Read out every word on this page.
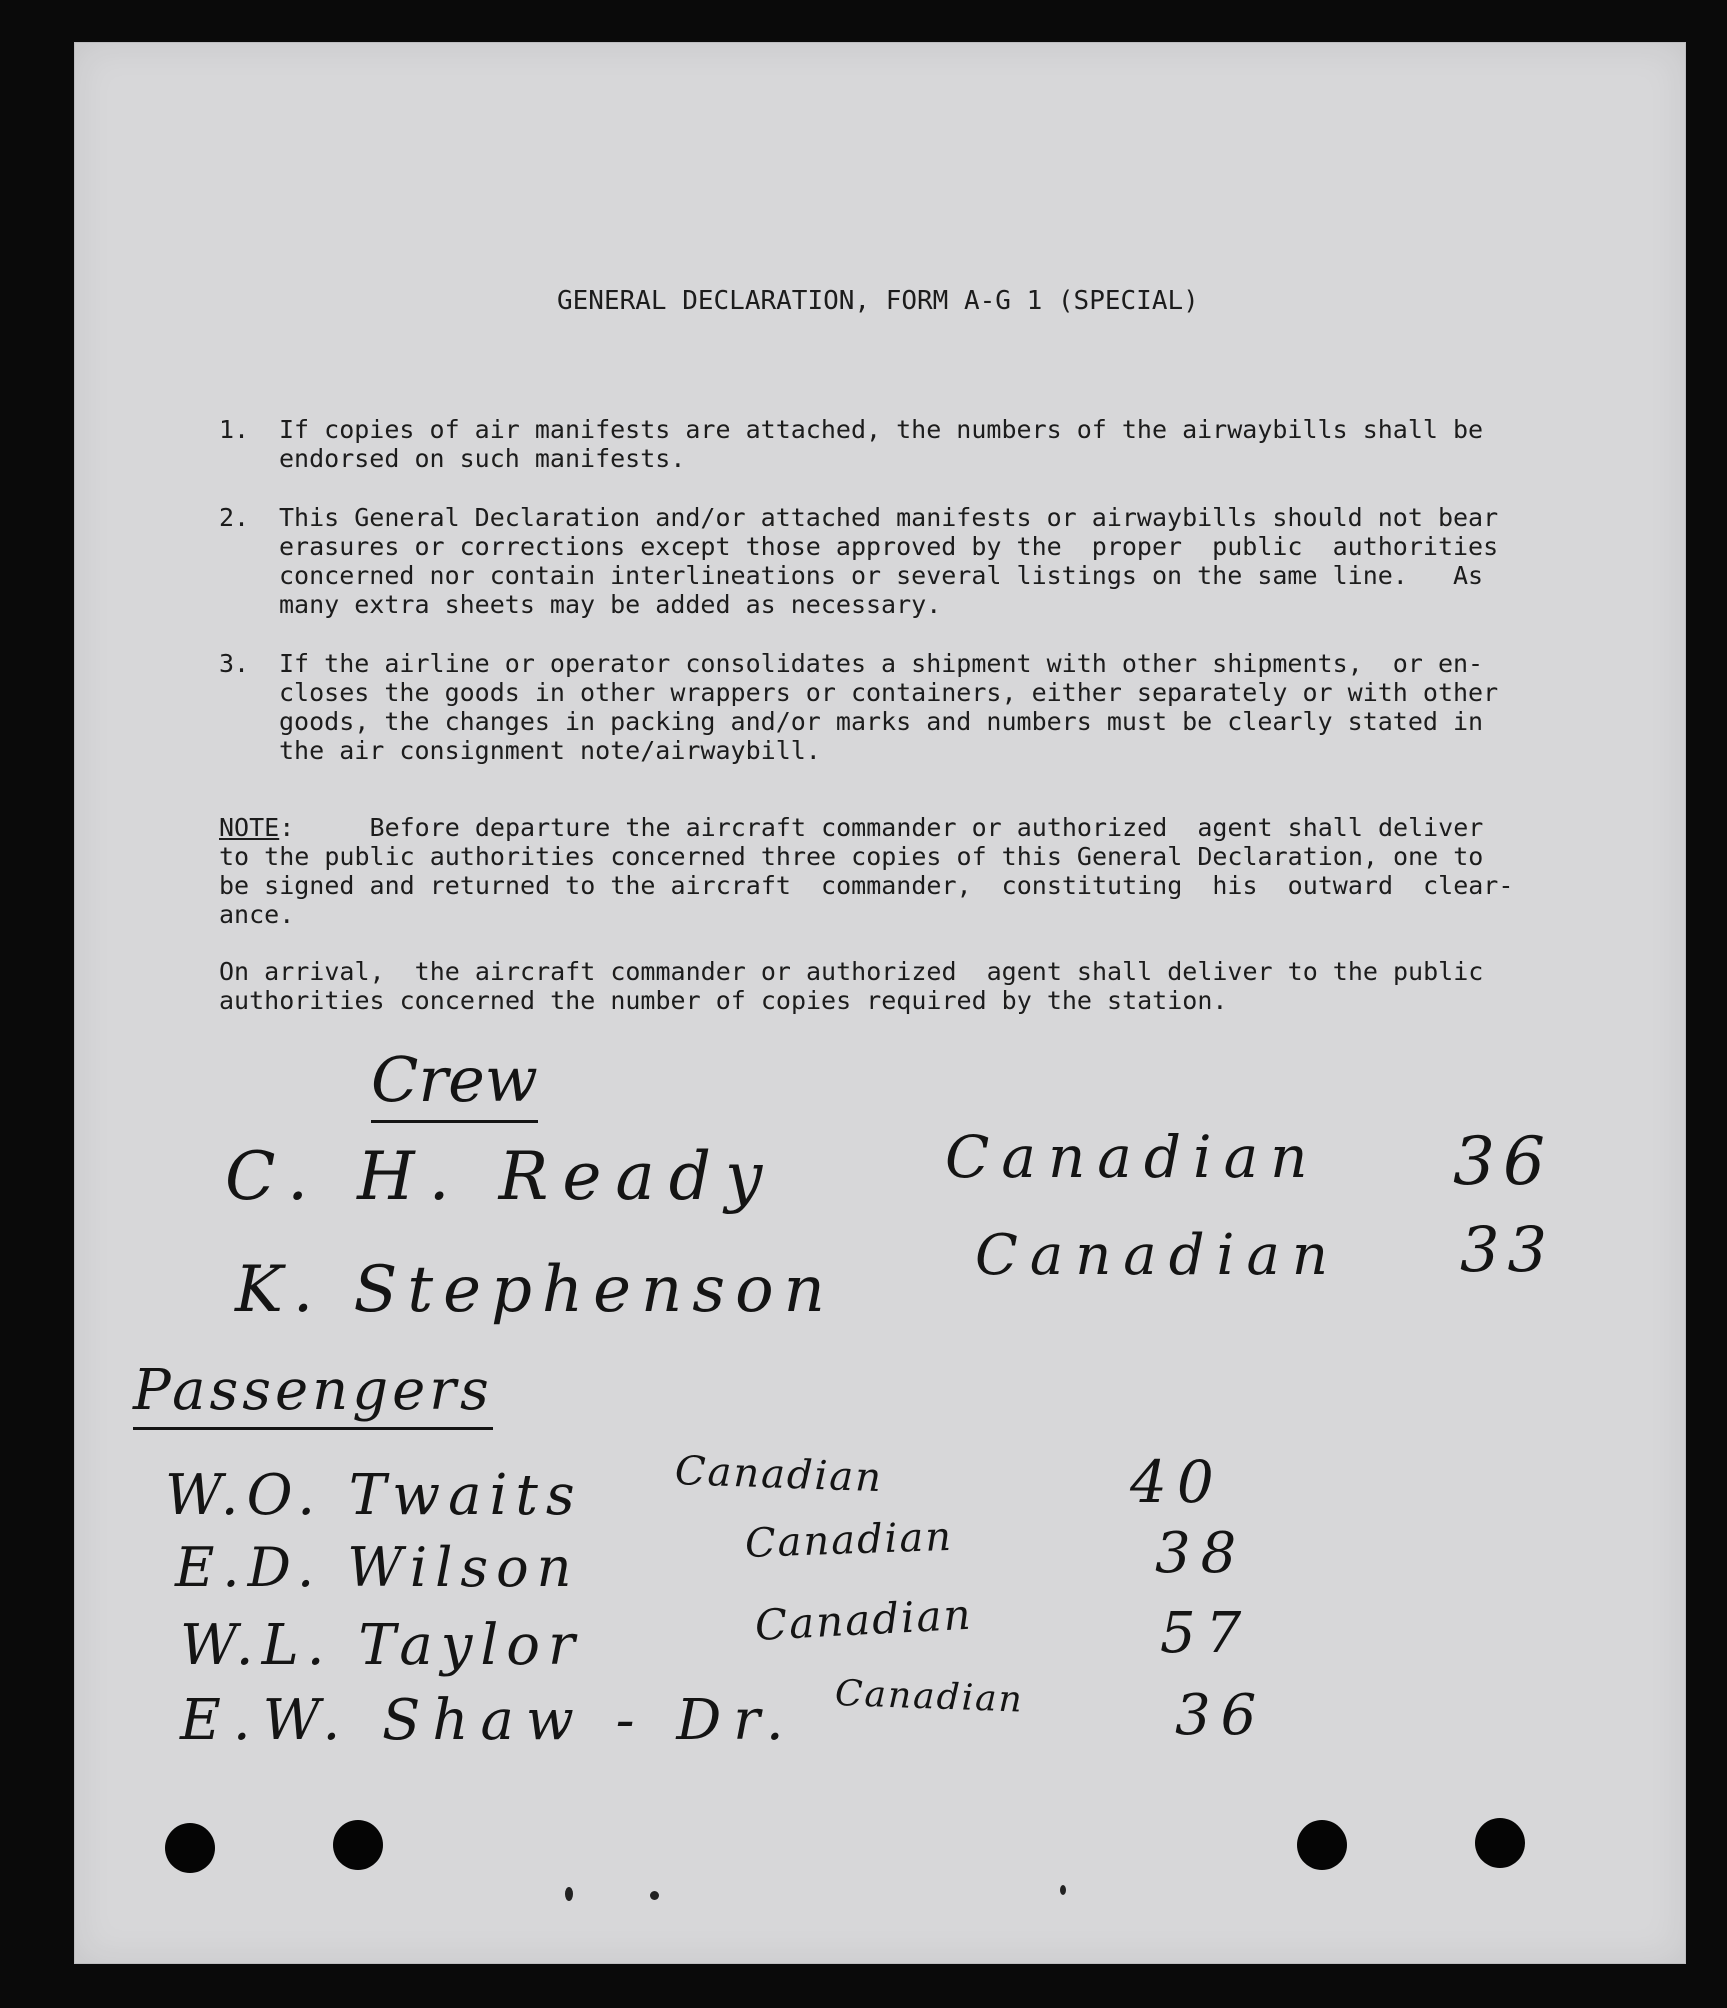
GENERAL DECLARATION, FORM A-G 1 (SPECIAL)

1. If copies of air manifests are attached, the numbers of the airwaybills shall be

endorsed on such manifests.

2. This General Declaration and/or attached manifests or airwaybills should not bear

erasures or corrections except those approved by the  proper  public  authorities

concerned nor contain interlineations or several listings on the same line.   As

many extra sheets may be added as necessary.

3. If the airline or operator consolidates a shipment with other shipments,  or en-

closes the goods in other wrappers or containers, either separately or with other

goods, the changes in packing and/or marks and numbers must be clearly stated in

the air consignment note/airwaybill.

NOTE:     Before departure the aircraft commander or authorized  agent shall deliver

to the public authorities concerned three copies of this General Declaration, one to

be signed and returned to the aircraft  commander,  constituting  his  outward  clear-

ance.

On arrival,  the aircraft commander or authorized  agent shall deliver to the public

authorities concerned the number of copies required by the station.

Crew
C. H. Ready	Canadian 36
K. Stephenson	Canadian 33
Passengers
W.O. Twaits Canadian	40
E.D. Wilson	Canadian	38
W.L. Taylor	Canadian	57
E.W. Shaw - Dr. Canadian	36
